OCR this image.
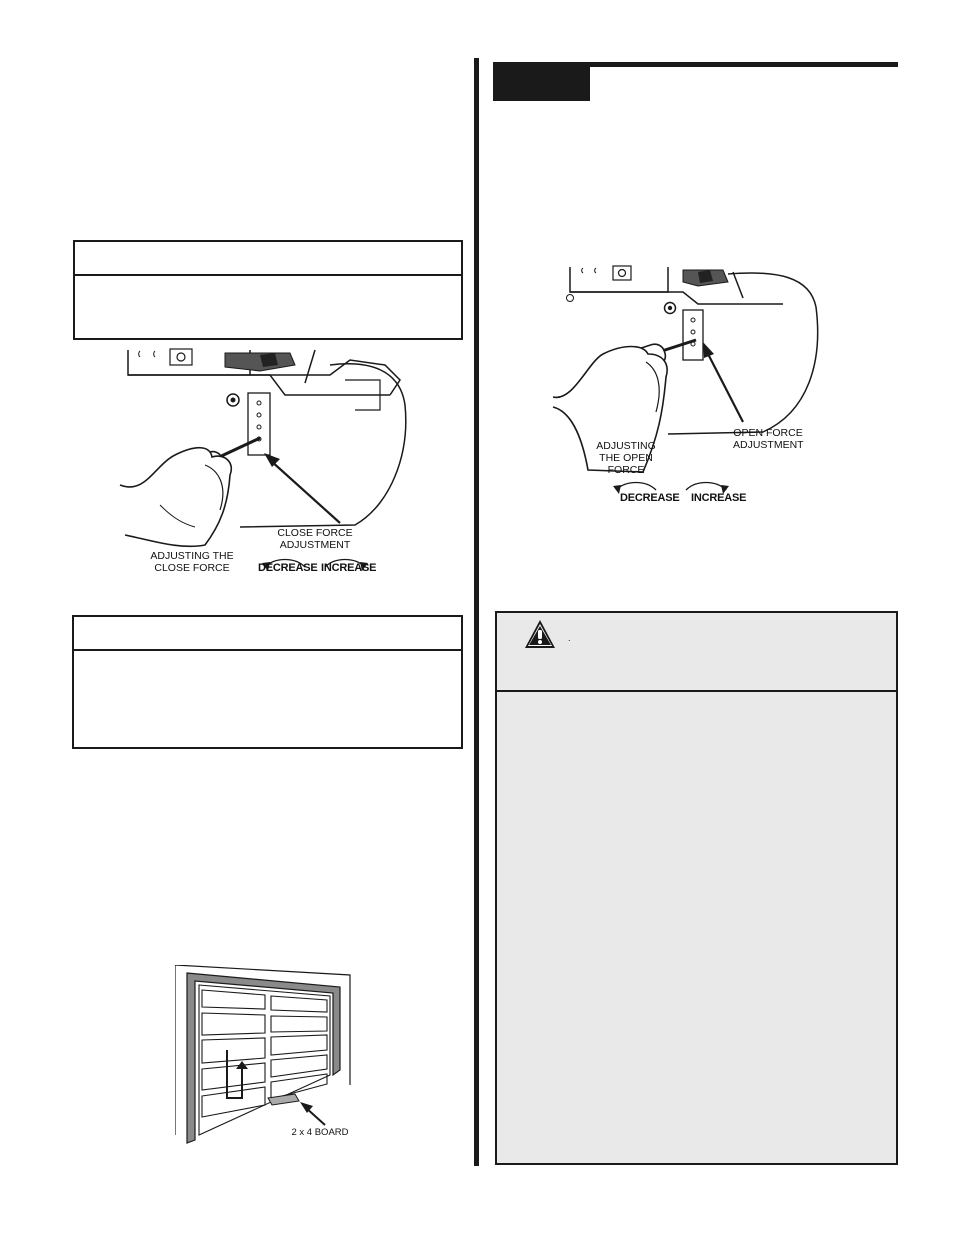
ADJUSTING THE CLOSE FORCE
CLOSE FORCE ADJUSTMENT
DECREASE INCREASE
2 x 4 BOARD
ADJUSTING THE OPEN FORCE
OPEN FORCE ADJUSTMENT
DECREASE INCREASE
.
